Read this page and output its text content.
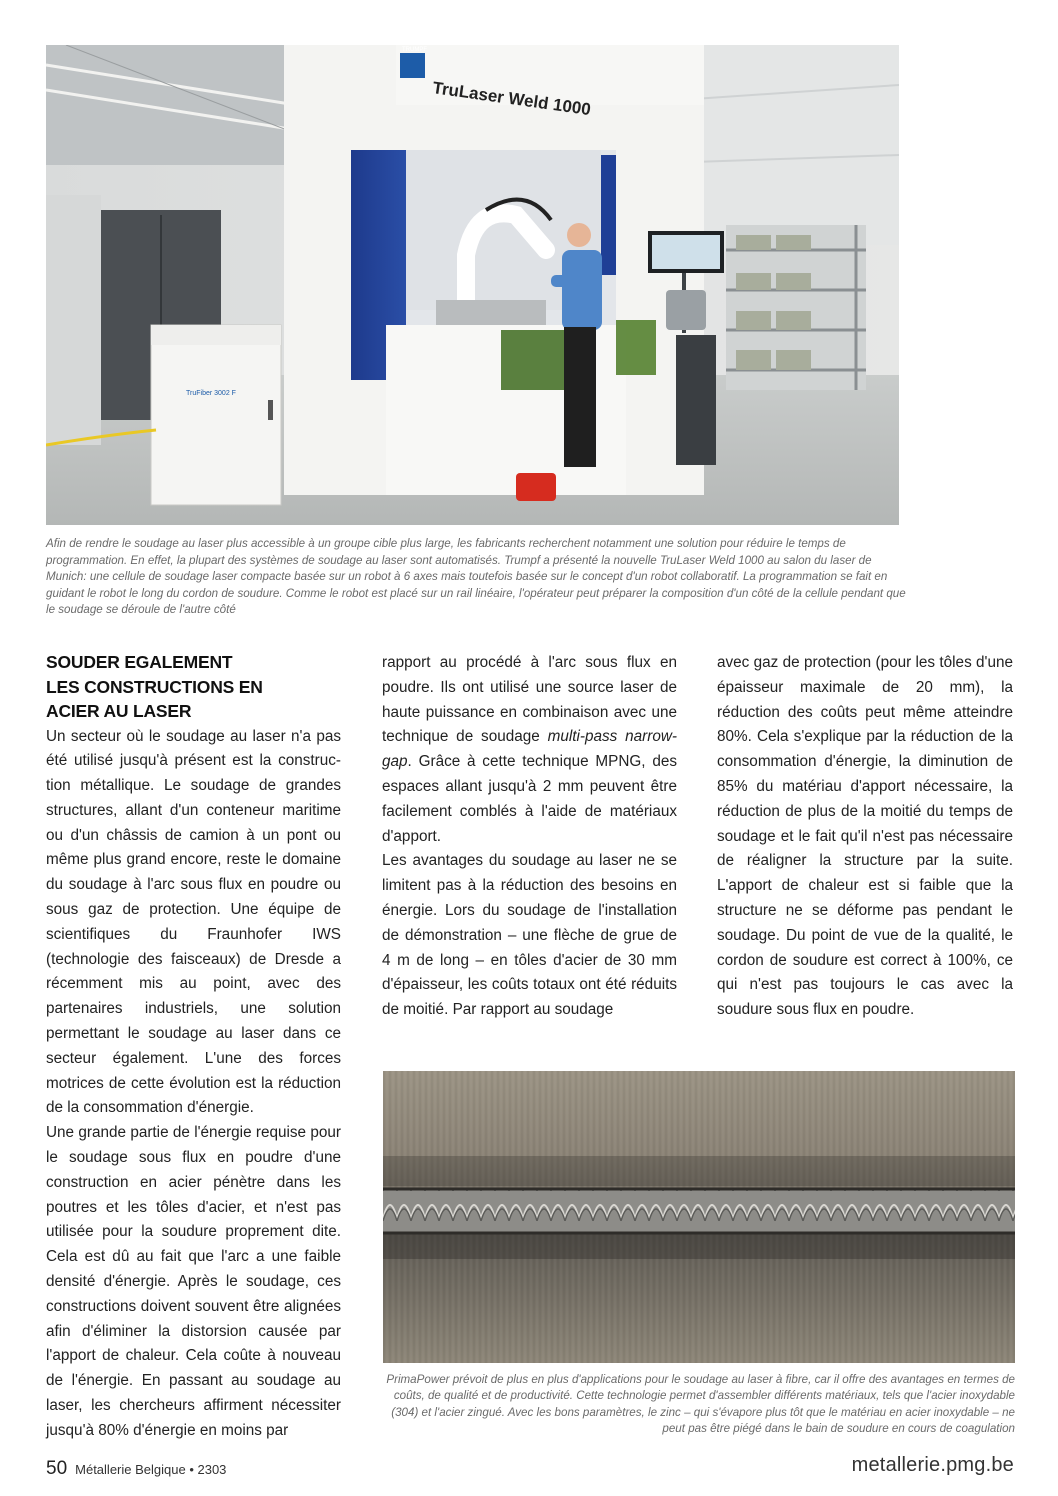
TruLaser Weld 1000
TRUMPF
TruFiber 3002 F
Afin de rendre le soudage au laser plus accessible à un groupe cible plus large, les fabricants recherchent notamment une solution pour réduire le temps de programmation. En effet, la plupart des systèmes de soudage au laser sont automatisés. Trumpf a présenté la nouvelle TruLaser Weld 1000 au salon du laser de Munich: une cellule de soudage laser compacte basée sur un robot à 6 axes mais toutefois basée sur le concept d'un robot collaboratif. La programmation se fait en guidant le robot le long du cordon de soudure. Comme le robot est placé sur un rail linéaire, l'opérateur peut préparer la composition d'un côté de la cellule pendant que le soudage se déroule de l'autre côté
SOUDER EGALEMENT
LES CONSTRUCTIONS EN
ACIER AU LASER

Un secteur où le soudage au laser n'a pas été utilisé jusqu'à présent est la construction métallique. Le soudage de grandes structures, allant d'un conteneur maritime ou d'un châssis de camion à un pont ou même plus grand encore, reste le domaine du soudage à l'arc sous flux en poudre ou sous gaz de protection. Une équipe de scientifiques du Fraunhofer IWS (technologie des faisceaux) de Dresde a récemment mis au point, avec des partenaires industriels, une solution permettant le soudage au laser dans ce secteur également. L'une des forces motrices de cette évolution est la réduction de la consommation d'énergie.

Une grande partie de l'énergie requise pour le soudage sous flux en poudre d'une construction en acier pénètre dans les poutres et les tôles d'acier, et n'est pas utilisée pour la soudure proprement dite. Cela est dû au fait que l'arc a une faible densité d'énergie. Après le soudage, ces constructions doivent souvent être alignées afin d'éliminer la distorsion causée par l'apport de chaleur. Cela coûte à nouveau de l'énergie. En passant au soudage au laser, les chercheurs affirment nécessiter jusqu'à 80% d'énergie en moins par

rapport au procédé à l'arc sous flux en poudre. Ils ont utilisé une source laser de haute puissance en combinaison avec une technique de soudage multi-pass narrow-gap. Grâce à cette technique MPNG, des espaces allant jusqu'à 2 mm peuvent être facilement comblés à l'aide de matériaux d'apport.

Les avantages du soudage au laser ne se limitent pas à la réduction des besoins en énergie. Lors du soudage de l'installation de démonstration – une flèche de grue de 4 m de long – en tôles d'acier de 30 mm d'épaisseur, les coûts totaux ont été réduits de moitié. Par rapport au soudage

avec gaz de protection (pour les tôles d'une épaisseur maximale de 20 mm), la réduction des coûts peut même atteindre 80%. Cela s'explique par la réduction de la consommation d'énergie, la diminution de 85% du matériau d'apport nécessaire, la réduction de plus de la moitié du temps de soudage et le fait qu'il n'est pas nécessaire de réaligner la structure par la suite. L'apport de chaleur est si faible que la structure ne se déforme pas pendant le soudage. Du point de vue de la qualité, le cordon de soudure est correct à 100%, ce qui n'est pas toujours le cas avec la soudure sous flux en poudre.

PrimaPower prévoit de plus en plus d'applications pour le soudage au laser à fibre, car il offre des avantages en termes de coûts, de qualité et de productivité. Cette technologie permet d'assembler différents matériaux, tels que l'acier inoxydable (304) et l'acier zingué. Avec les bons paramètres, le zinc – qui s'évapore plus tôt que le matériau en acier inoxydable – ne peut pas être piégé dans le bain de soudure en cours de coagulation
50 Métallerie Belgique • 2303	metallerie.pmg.be
